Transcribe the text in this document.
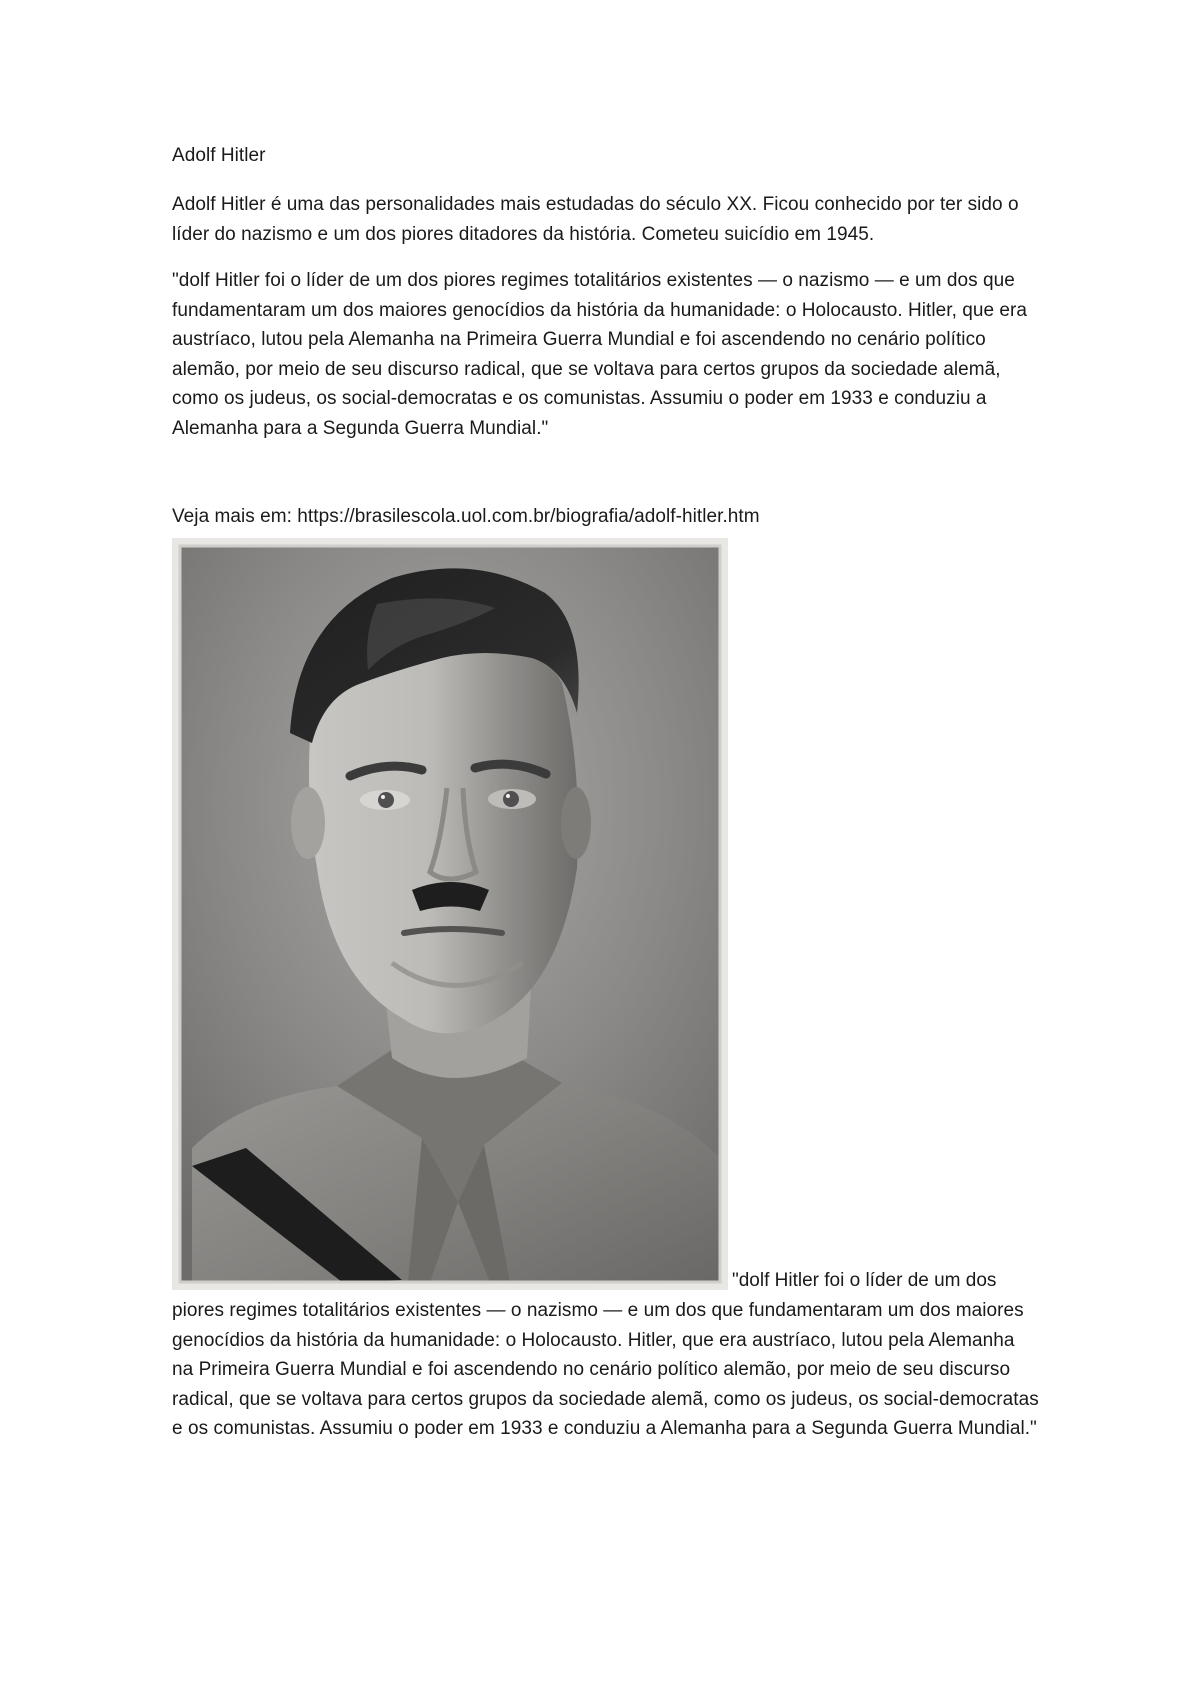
Adolf Hitler

Adolf Hitler é uma das personalidades mais estudadas do século XX. Ficou conhecido por ter sido o líder do nazismo e um dos piores ditadores da história. Cometeu suicídio em 1945.

"dolf Hitler foi o líder de um dos piores regimes totalitários existentes — o nazismo — e um dos que fundamentaram um dos maiores genocídios da história da humanidade: o Holocausto. Hitler, que era austríaco, lutou pela Alemanha na Primeira Guerra Mundial e foi ascendendo no cenário político alemão, por meio de seu discurso radical, que se voltava para certos grupos da sociedade alemã, como os judeus, os social-democratas e os comunistas. Assumiu o poder em 1933 e conduziu a Alemanha para a Segunda Guerra Mundial."

Veja mais em: https://brasilescola.uol.com.br/biografia/adolf-hitler.htm

"dolf Hitler foi o líder de um dos

piores regimes totalitários existentes — o nazismo — e um dos que fundamentaram um dos maiores genocídios da história da humanidade: o Holocausto. Hitler, que era austríaco, lutou pela Alemanha na Primeira Guerra Mundial e foi ascendendo no cenário político alemão, por meio de seu discurso radical, que se voltava para certos grupos da sociedade alemã, como os judeus, os social-democratas e os comunistas. Assumiu o poder em 1933 e conduziu a Alemanha para a Segunda Guerra Mundial."
